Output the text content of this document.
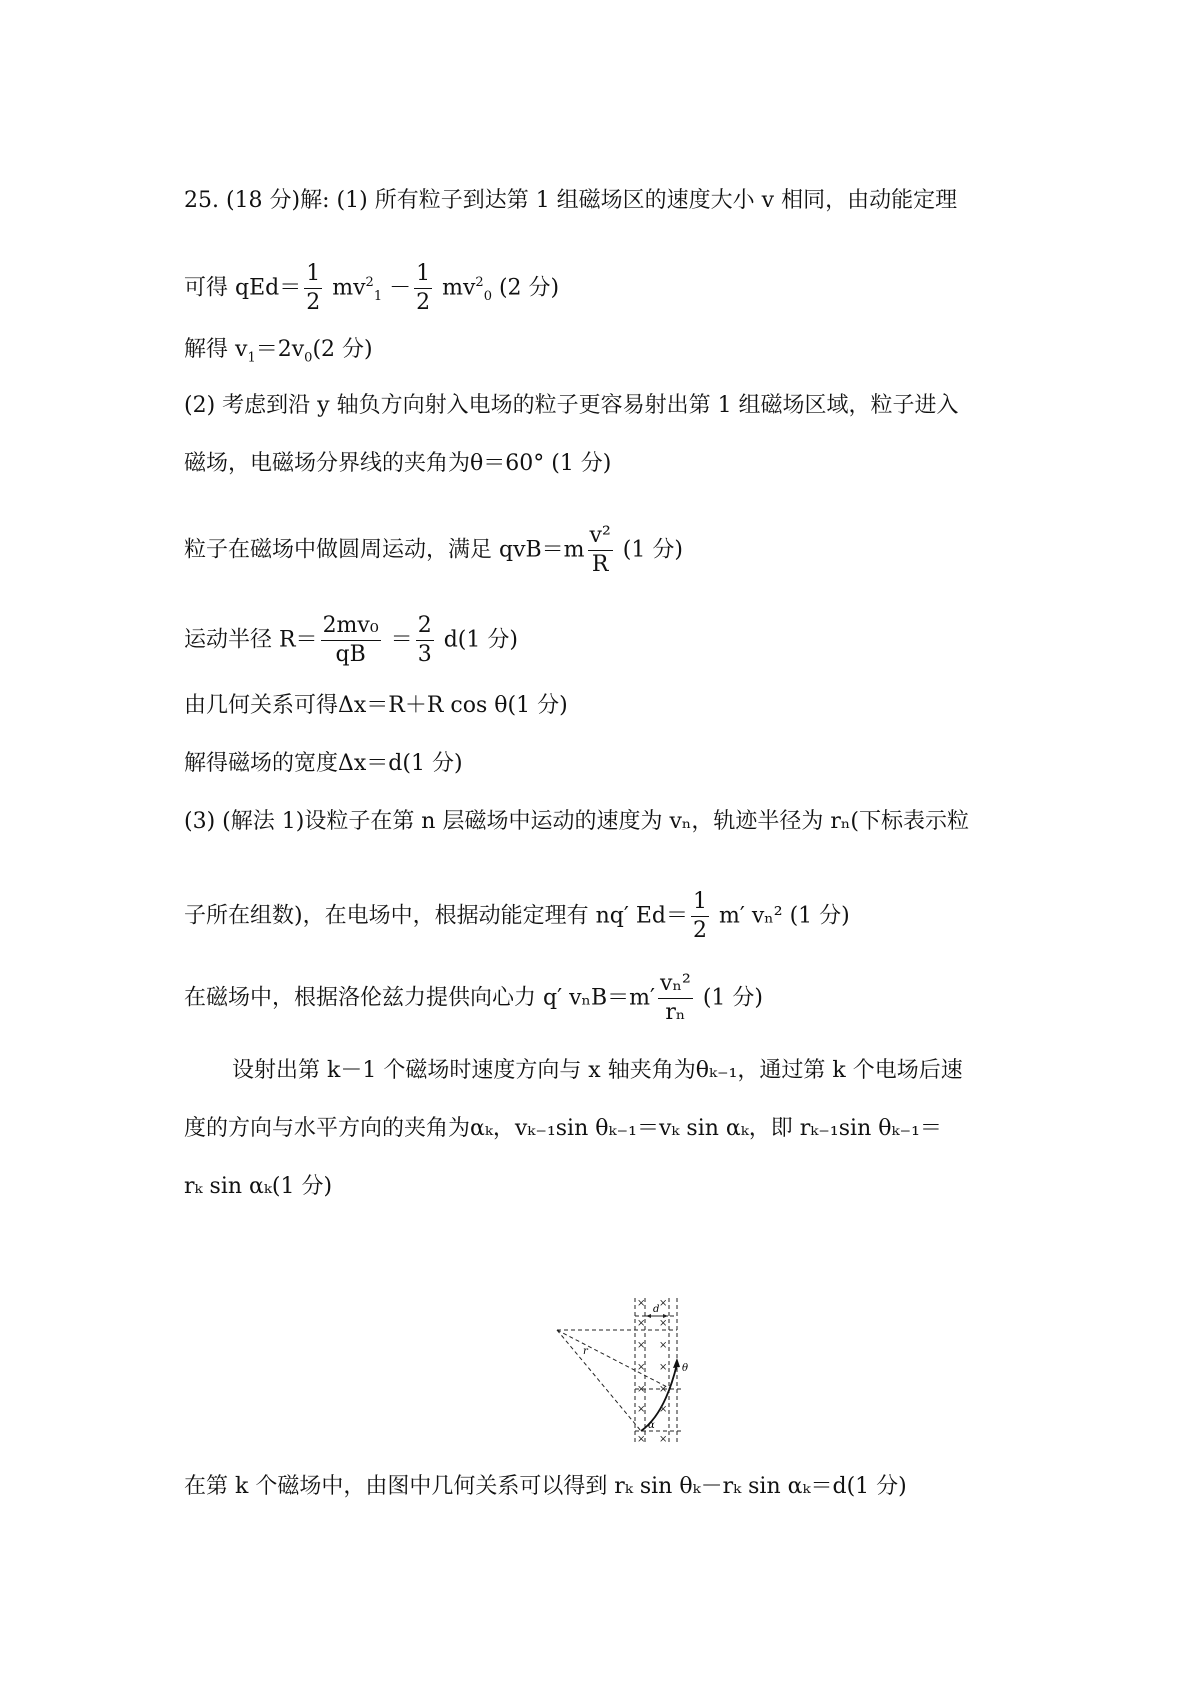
25. (18 分)解: (1) 所有粒子到达第 1 组磁场区的速度大小 v 相同，由动能定理
可得 $qEd= \frac{1}{2} mv^2_1 - \frac{1}{2} mv^2_0$ (2 分)
解得 $v_1=2v_0(2$ 分)
(2) 考虑到沿 y 轴负方向射入电场的粒子更容易射出第 1 组磁场区域，粒子进入
磁场，电磁场分界线的夹角为θ＝60° (1 分)
粒子在磁场中做圆周运动，满足 $qvB=m \frac{\text{v²}}{R} (1$ 分)
运动半径 $R= \frac{\text{2mv₀}}{qB} = \frac{2}{3} d(1$ 分)
由几何关系可得Δx＝R＋R cos θ(1 分)
解得磁场的宽度Δx＝d(1 分)
(3) (解法 1)设粒子在第 n 层磁场中运动的速度为 vₙ，轨迹半径为 rₙ(下标表示粒
子所在组数)，在电场中，根据动能定理有 nq′ $Ed= \frac{1}{2} m'$ vₙ² (1 分)
在磁场中，根据洛伦兹力提供向心力 q′ $v_nB=m' \frac{\text{vₙ²}}{\text{rₙ}} (1$ 分)
设射出第 k－1 个磁场时速度方向与 x 轴夹角为θₖ₋₁，通过第 k 个电场后速
度的方向与水平方向的夹角为αₖ，vₖ₋₁sin θₖ₋₁＝vₖ sin αₖ，即 rₖ₋₁sin θₖ₋₁＝
rₖ sin αₖ(1 分)
d
r
θ
α
× ×
× ×
× ×
× ×
× ×
× ×
× ×
在第 k 个磁场中，由图中几何关系可以得到 rₖ sin θₖ－rₖ sin αₖ＝d(1 分)
